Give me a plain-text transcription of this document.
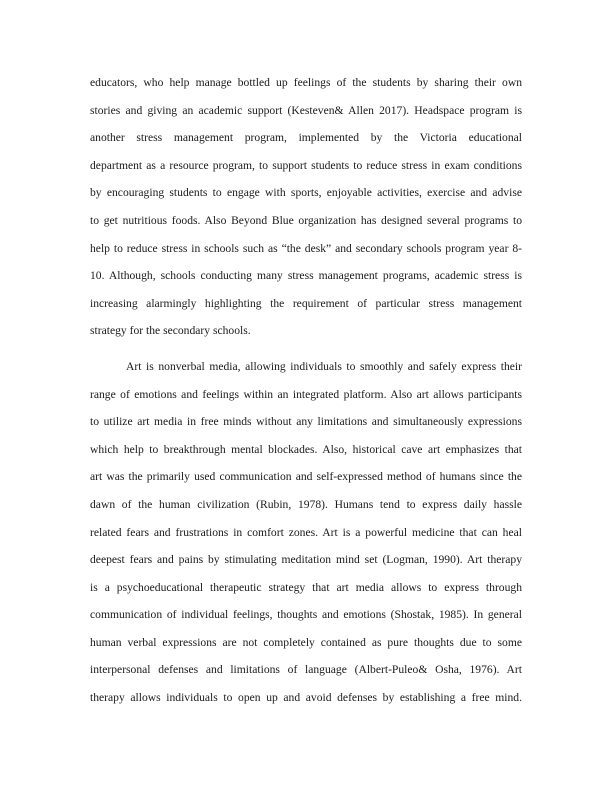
educators, who help manage bottled up feelings of the students by sharing their own
stories and giving an academic support (Kesteven& Allen 2017). Headspace program is
another stress management program, implemented by the Victoria educational
department as a resource program, to support students to reduce stress in exam conditions
by encouraging students to engage with sports, enjoyable activities, exercise and advise
to get nutritious foods. Also Beyond Blue organization has designed several programs to
help to reduce stress in schools such as “the desk” and secondary schools program year 8-
10. Although, schools conducting many stress management programs, academic stress is
increasing alarmingly highlighting the requirement of particular stress management
strategy for the secondary schools.
Art is nonverbal media, allowing individuals to smoothly and safely express their
range of emotions and feelings within an integrated platform. Also art allows participants
to utilize art media in free minds without any limitations and simultaneously expressions
which help to breakthrough mental blockades. Also, historical cave art emphasizes that
art was the primarily used communication and self-expressed method of humans since the
dawn of the human civilization (Rubin, 1978). Humans tend to express daily hassle
related fears and frustrations in comfort zones. Art is a powerful medicine that can heal
deepest fears and pains by stimulating meditation mind set (Logman, 1990). Art therapy
is a psychoeducational therapeutic strategy that art media allows to express through
communication of individual feelings, thoughts and emotions (Shostak, 1985). In general
human verbal expressions are not completely contained as pure thoughts due to some
interpersonal defenses and limitations of language (Albert-Puleo& Osha, 1976). Art
therapy allows individuals to open up and avoid defenses by establishing a free mind.
